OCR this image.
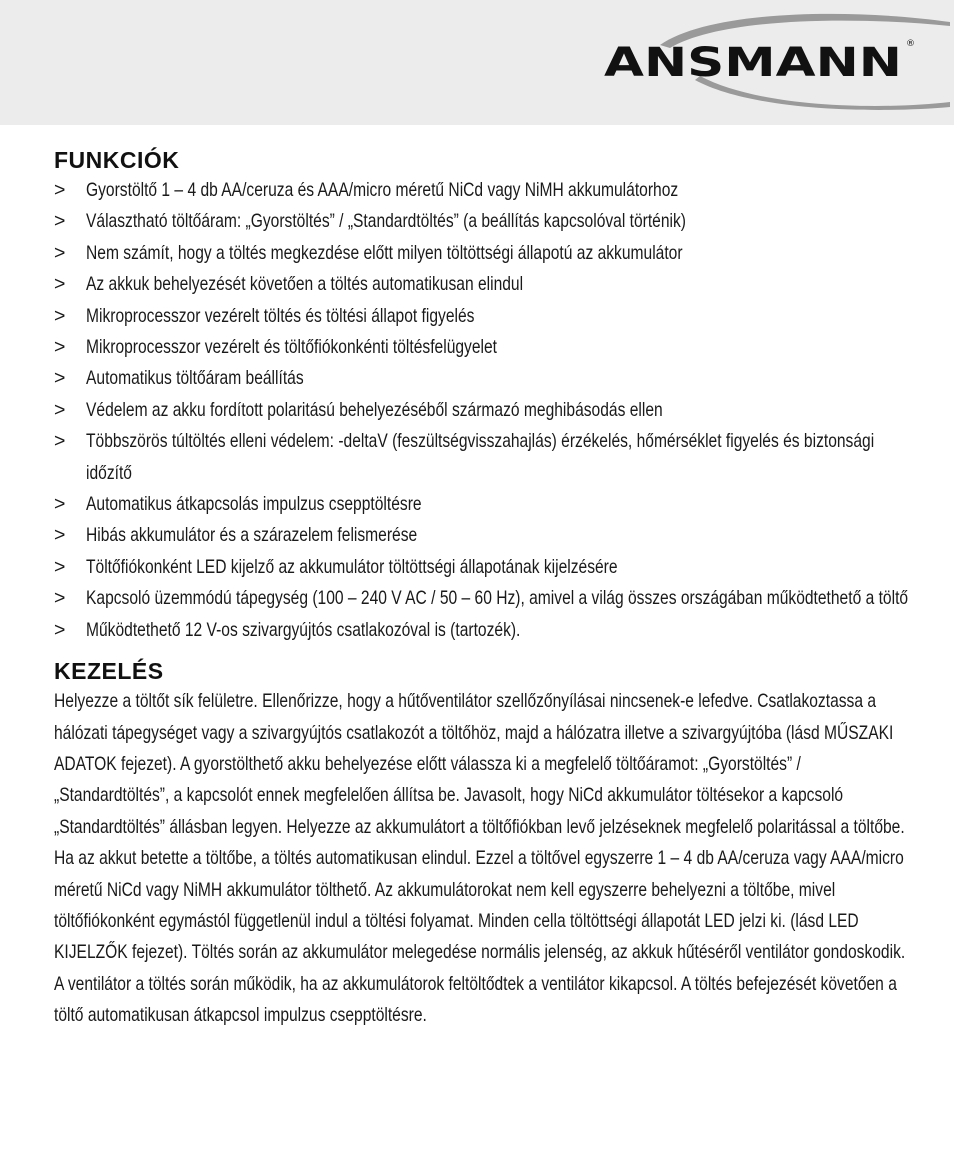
ANSMANN ®
FUNKCIÓK
> Gyorstöltő 1 – 4 db AA/ceruza és AAA/micro méretű NiCd vagy NiMH akkumulátorhoz
> Választható töltőáram: „Gyorstöltés” / „Standardtöltés” (a beállítás kapcsolóval történik)
> Nem számít, hogy a töltés megkezdése előtt milyen töltöttségi állapotú az akkumulátor
> Az akkuk behelyezését követően a töltés automatikusan elindul
> Mikroprocesszor vezérelt töltés és töltési állapot figyelés
> Mikroprocesszor vezérelt és töltőfiókonkénti töltésfelügyelet
> Automatikus töltőáram beállítás
> Védelem az akku fordított polaritású behelyezéséből származó meghibásodás ellen
> Többszörös túltöltés elleni védelem: -deltaV (feszültségvisszahajlás) érzékelés, hőmérséklet figyelés és biztonsági időzítő
> Automatikus átkapcsolás impulzus csepptöltésre
> Hibás akkumulátor és a szárazelem felismerése
> Töltőfiókonként LED kijelző az akkumulátor töltöttségi állapotának kijelzésére
> Kapcsoló üzemmódú tápegység (100 – 240 V AC / 50 – 60 Hz), amivel a világ összes országában működtethető a töltő
> Működtethető 12 V-os szivargyújtós csatlakozóval is (tartozék).
KEZELÉS

Helyezze a töltőt sík felületre. Ellenőrizze, hogy a hűtőventilátor szellőzőnyílásai nincsenek-e lefedve. Csatlakoztassa a hálózati tápegységet vagy a szivargyújtós csatlakozót a töltőhöz, majd a hálózatra illetve a szivargyújtóba (lásd MŰSZAKI ADATOK fejezet). A gyorstölthető akku behelyezése előtt válassza ki a megfelelő töltőáramot: „Gyorstöltés” / „Standardtöltés”, a kapcsolót ennek megfelelően állítsa be. Javasolt, hogy NiCd akkumulátor töltésekor a kapcsoló „Standardtöltés” állásban legyen. Helyezze az akkumulátort a töltőfiókban levő jelzéseknek megfelelő polaritással a töltőbe. Ha az akkut betette a töltőbe, a töltés automatikusan elindul. Ezzel a töltővel egyszerre 1 – 4 db AA/ceruza vagy AAA/micro méretű NiCd vagy NiMH akkumulátor tölthető. Az akkumulátorokat nem kell egyszerre behelyezni a töltőbe, mivel töltőfiókonként egymástól függetlenül indul a töltési folyamat. Minden cella töltöttségi állapotát LED jelzi ki. (lásd LED KIJELZŐK fejezet). Töltés során az akkumulátor melegedése normális jelenség, az akkuk hűtéséről ventilátor gondoskodik. A ventilátor a töltés során működik, ha az akkumulátorok feltöltődtek a ventilátor kikapcsol. A töltés befejezését követően a töltő automatikusan átkapcsol impulzus csepptöltésre.
